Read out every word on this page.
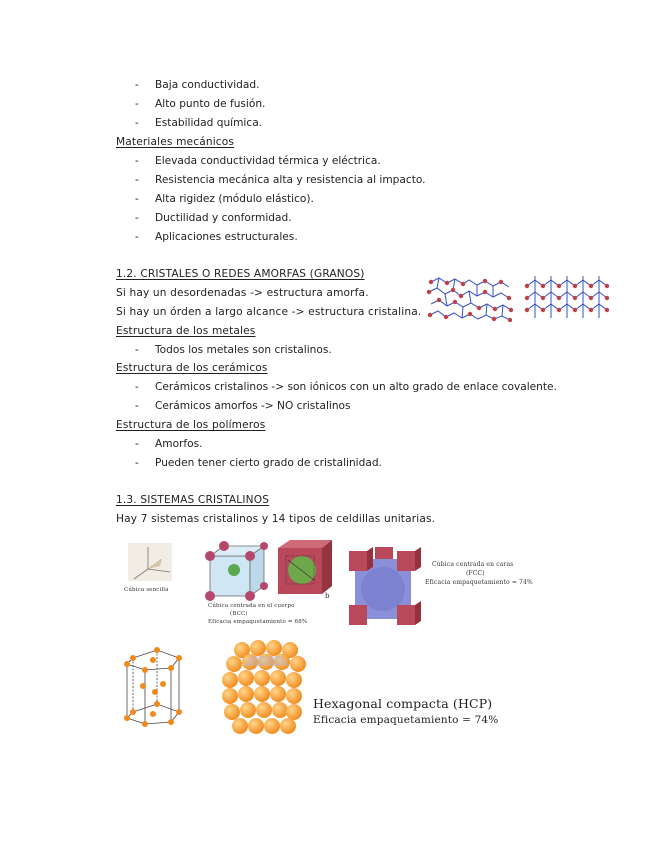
- Baja conductividad.
- Alto punto de fusión.
- Estabilidad química.
Materiales mecánicos
- Elevada conductividad térmica y eléctrica.
- Resistencia mecánica alta y resistencia al impacto.
- Alta rigidez (módulo elástico).
- Ductilidad y conformidad.
- Aplicaciones estructurales.
1.2. CRISTALES O REDES AMORFAS (GRANOS)
Si hay un desordenadas -> estructura amorfa.
Si hay un órden a largo alcance -> estructura cristalina.
Estructura de los metales
- Todos los metales son cristalinos.
Estructura de los cerámicos
- Cerámicos cristalinos -> son iónicos con un alto grado de enlace covalente.
- Cerámicos amorfos -> NO cristalinos
Estructura de los polímeros
- Amorfos.
- Pueden tener cierto grado de cristalinidad.
1.3. SISTEMAS CRISTALINOS
Hay 7 sistemas cristalinos y 14 tipos de celdillas unitarias.
Cúbica sencilla
Cúbica centrada en el cuerpo
(BCC)
Eficacia empaquetamiento = 68%
b
Cúbica centrada en caras
(FCC)
Eficacia empaquetamiento = 74%
Hexagonal compacta (HCP)
Eficacia empaquetamiento = 74%
